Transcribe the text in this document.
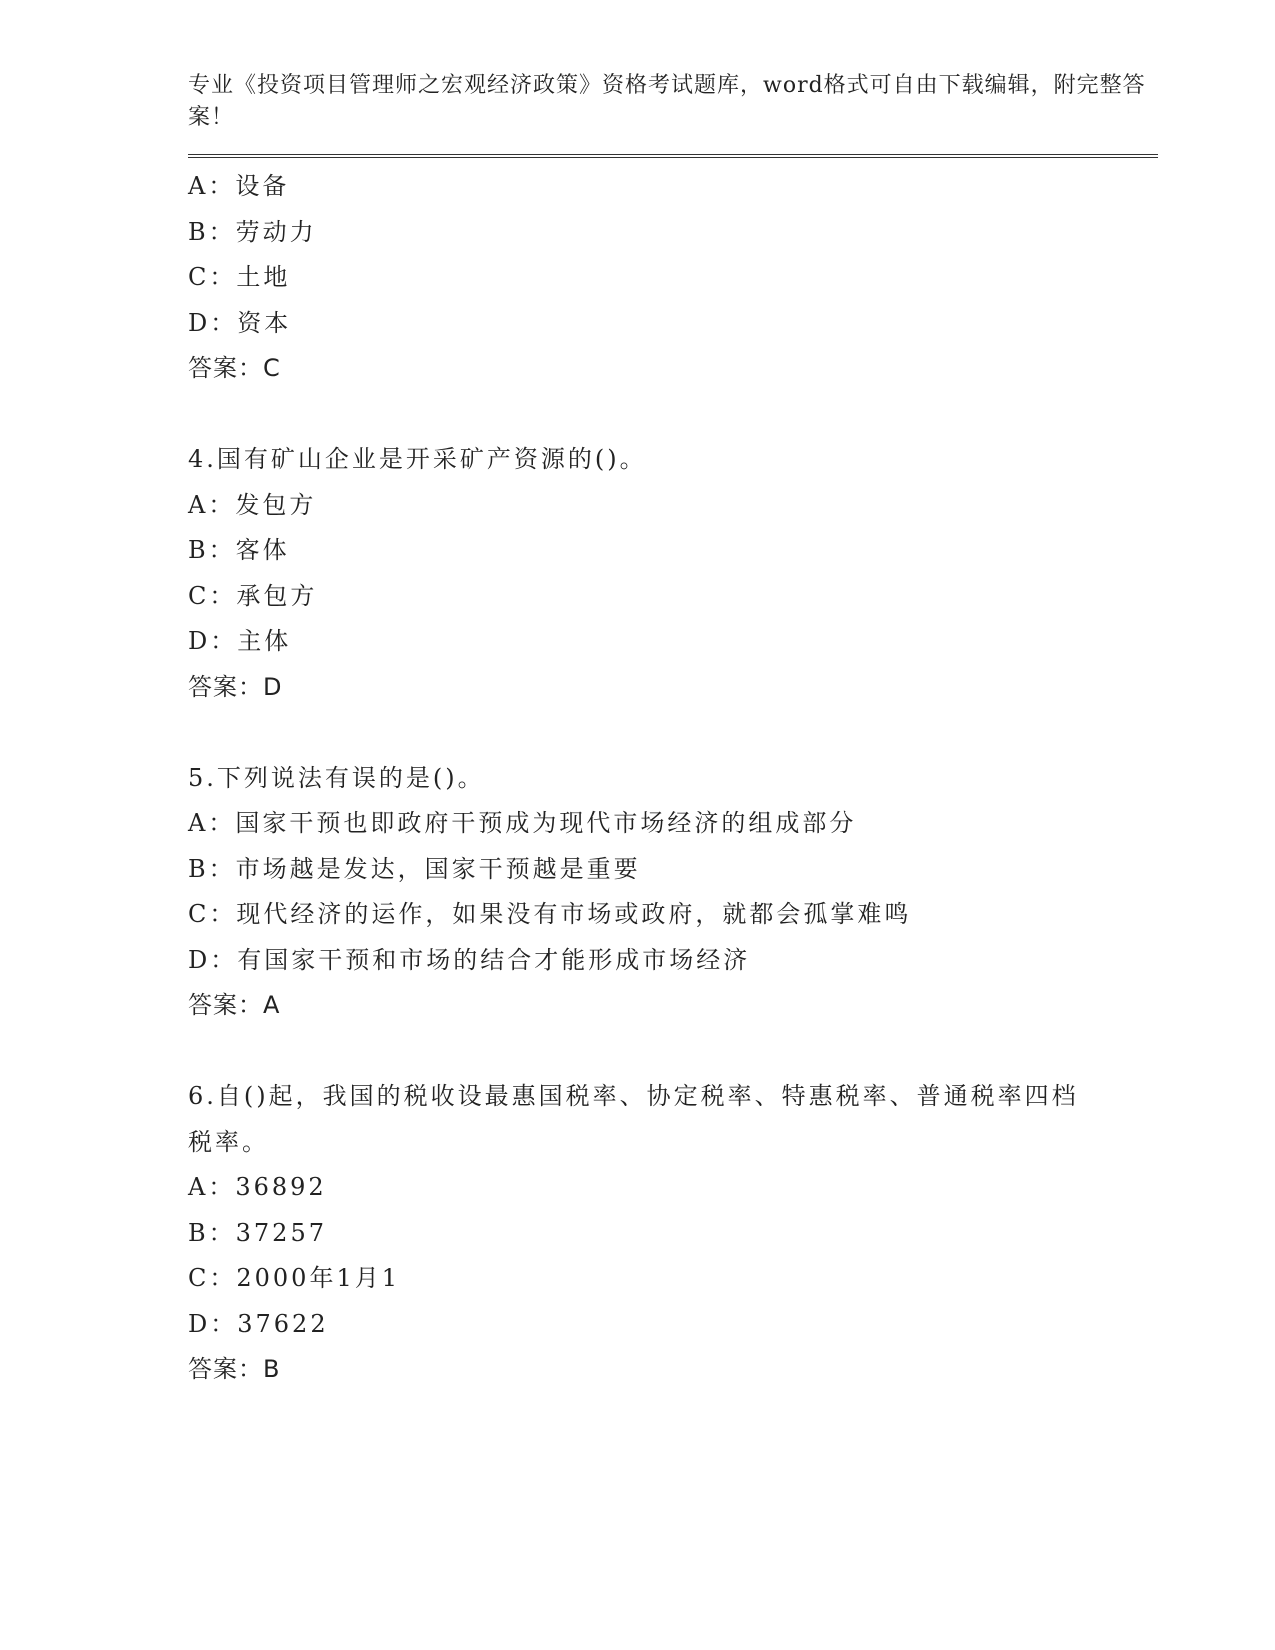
专业《投资项目管理师之宏观经济政策》资格考试题库，word格式可自由下载编辑，附完整答案！

A：设备

B：劳动力

C：土地

D：资本

答案：C

4.国有矿山企业是开采矿产资源的()。

A：发包方

B：客体

C：承包方

D：主体

答案：D

5.下列说法有误的是()。

A：国家干预也即政府干预成为现代市场经济的组成部分

B：市场越是发达，国家干预越是重要

C：现代经济的运作，如果没有市场或政府，就都会孤掌难鸣

D：有国家干预和市场的结合才能形成市场经济

答案：A

6.自()起，我国的税收设最惠国税率、协定税率、特惠税率、普通税率四档税率。

A：36892

B：37257

C：2000年1月1

D：37622

答案：B
